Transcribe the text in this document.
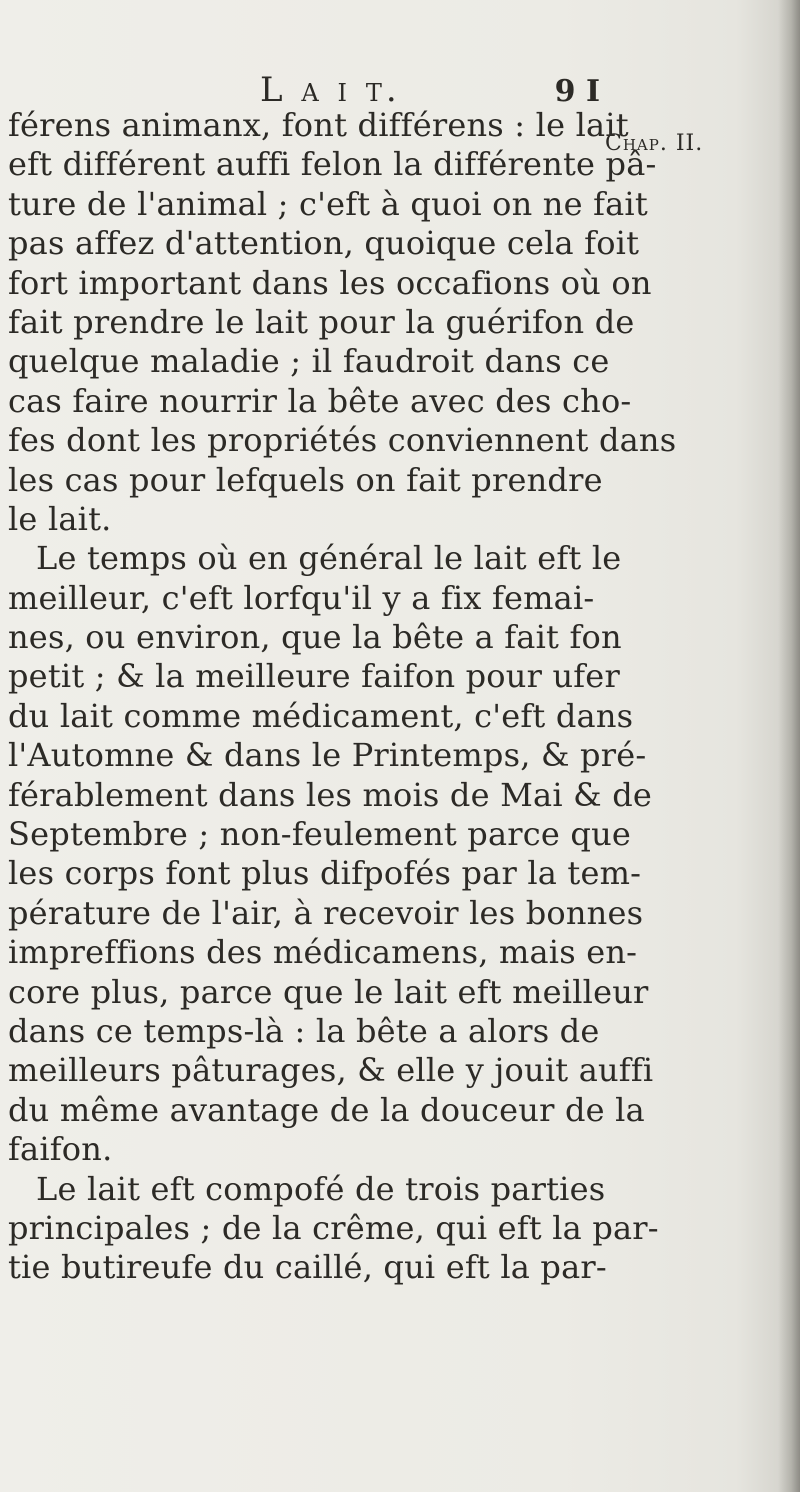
L a i t.	9 I
Chap. II.
férens animanx, font différens : le lait
eft différent auffi felon la différente pâ-
ture de l'animal ; c'eft à quoi on ne fait
pas affez d'attention, quoique cela foit
fort important dans les occafions où on
fait prendre le lait pour la guérifon de
quelque maladie ; il faudroit dans ce
cas faire nourrir la bête avec des cho-
fes dont les propriétés conviennent dans
les cas pour lefquels on fait prendre
le lait.
Le temps où en général le lait eft le
meilleur, c'eft lorfqu'il y a fix femai-
nes, ou environ, que la bête a fait fon
petit ; & la meilleure faifon pour ufer
du lait comme médicament, c'eft dans
l'Automne & dans le Printemps, & pré-
férablement dans les mois de Mai & de
Septembre ; non-feulement parce que
les corps font plus difpofés par la tem-
pérature de l'air, à recevoir les bonnes
impreffions des médicamens, mais en-
core plus, parce que le lait eft meilleur
dans ce temps-là : la bête a alors de
meilleurs pâturages, & elle y jouit auffi
du même avantage de la douceur de la
faifon.
Le lait eft compofé de trois parties
principales ; de la crême, qui eft la par-
tie butireufe du caillé, qui eft la par-
